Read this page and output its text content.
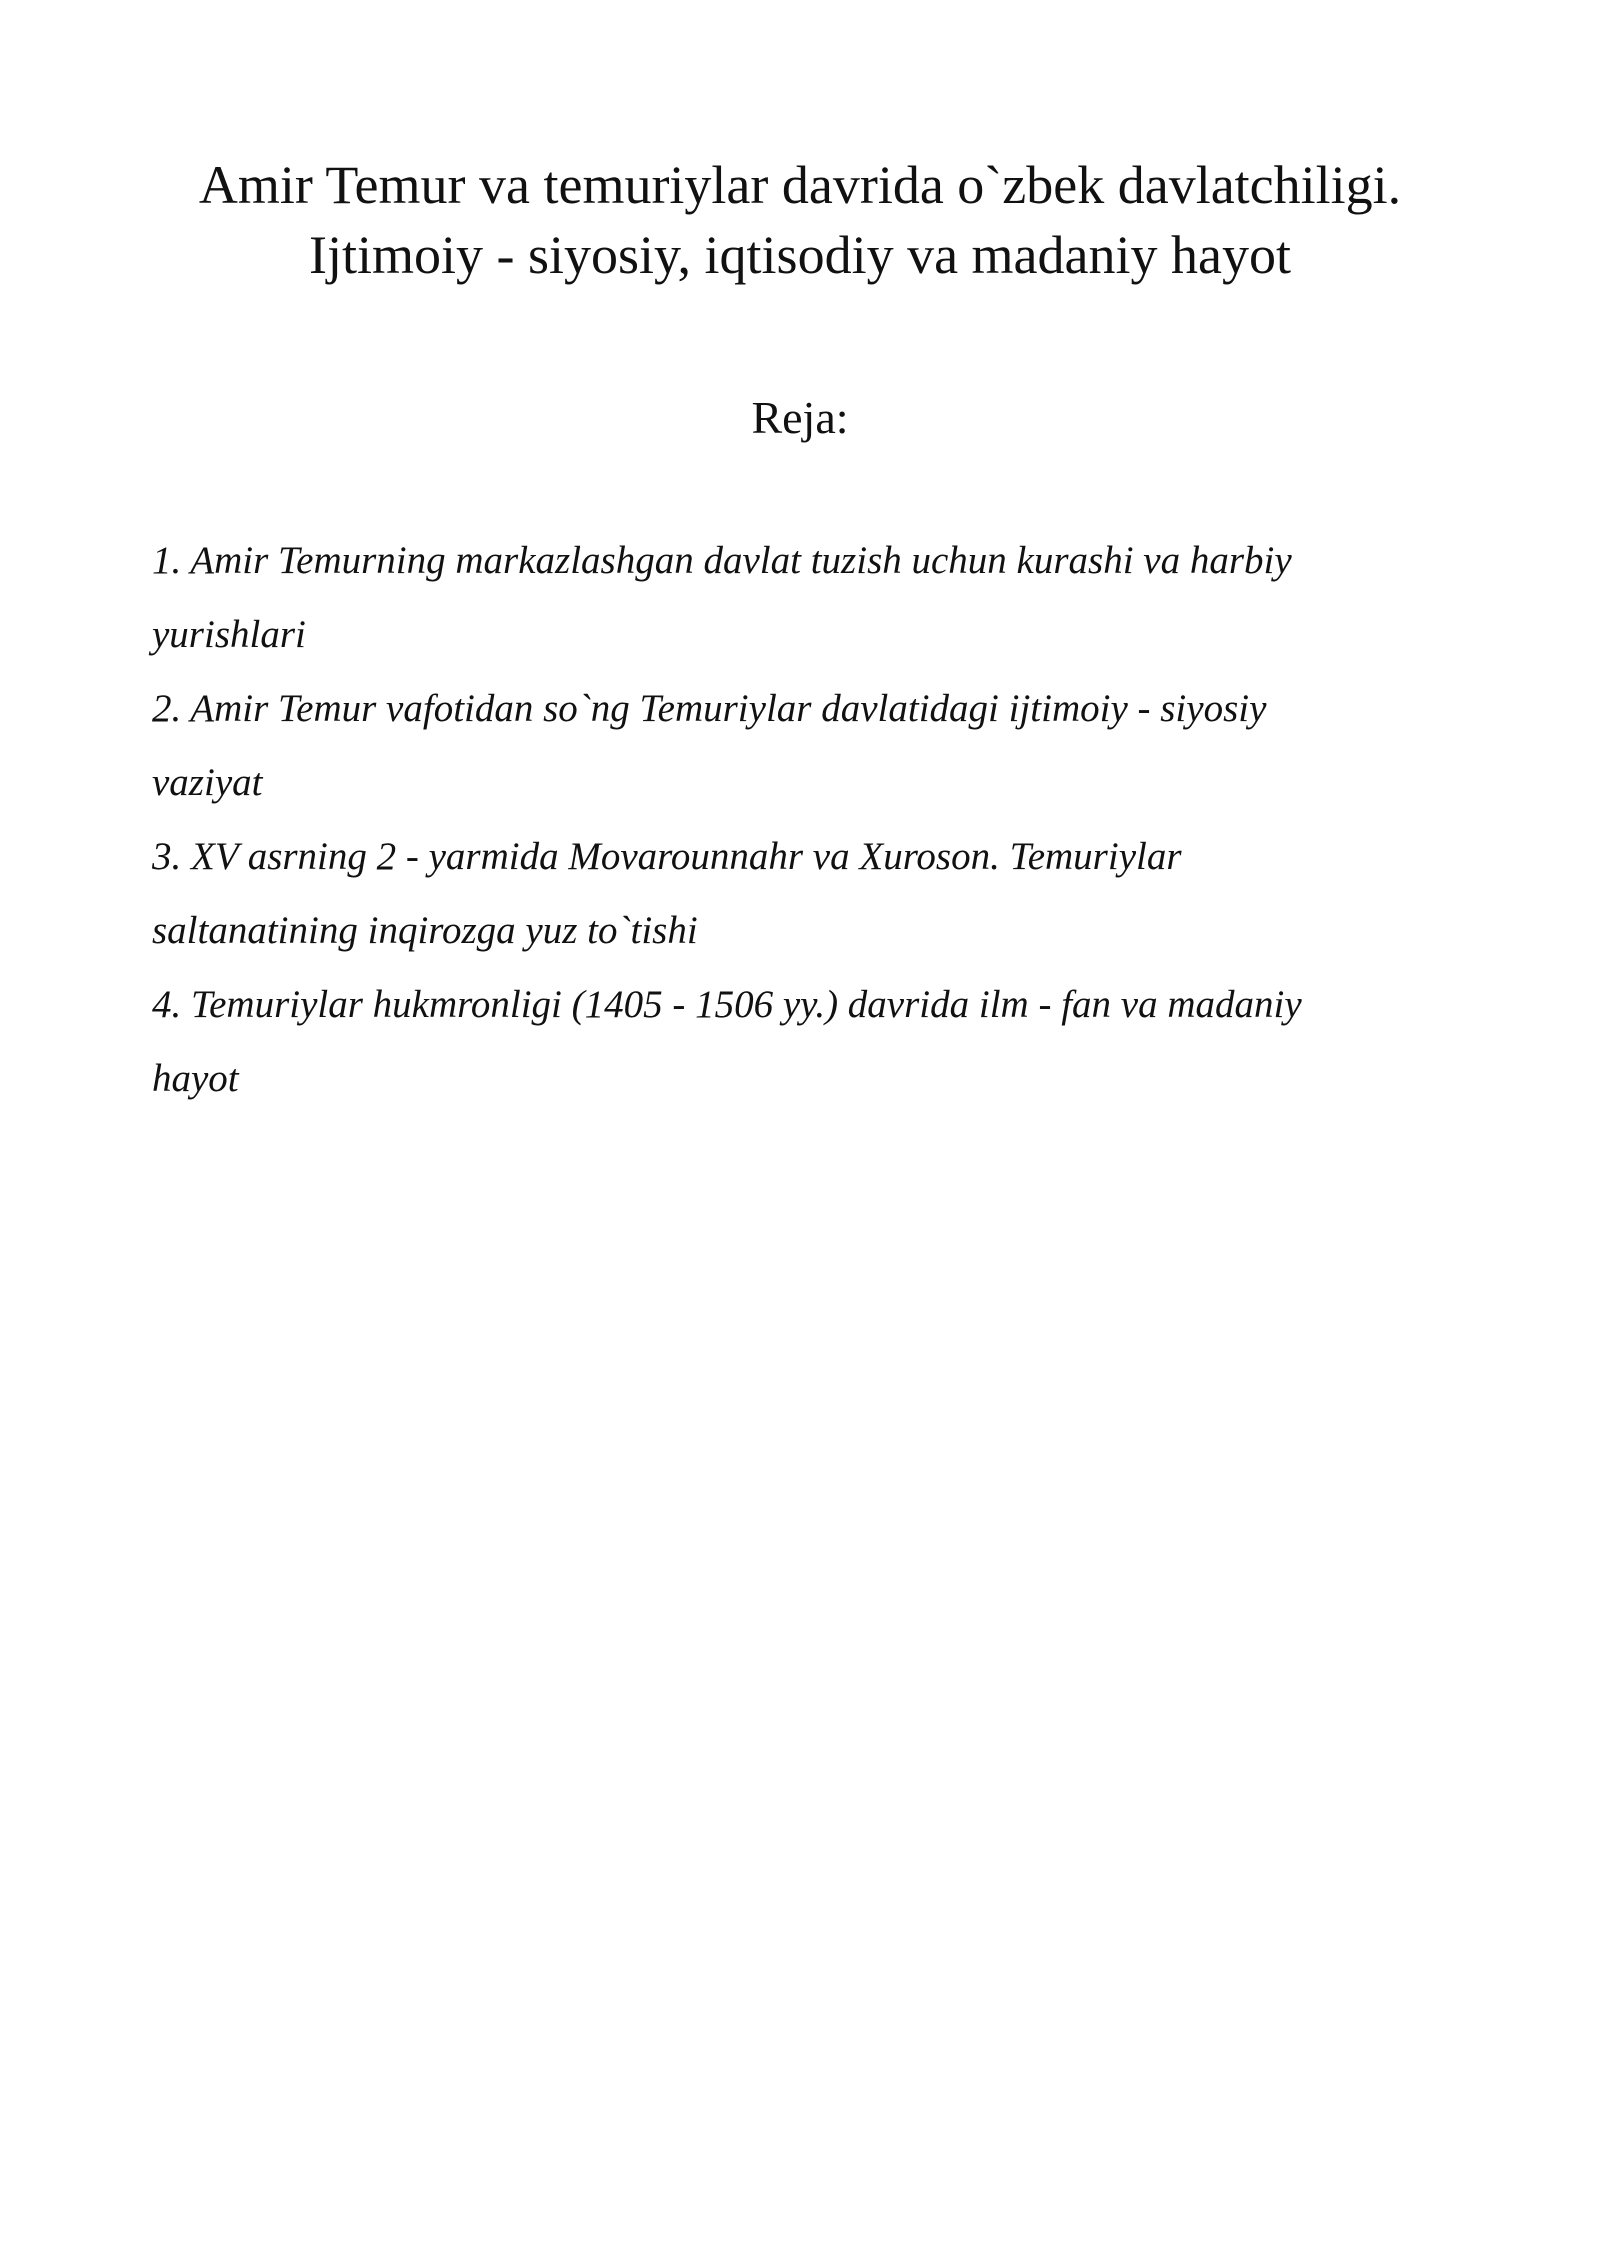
Amir Temur va temuriylar davrida o`zbek davlatchiligi.
Ijtimoiy - siyosiy, iqtisodiy va madaniy hayot
Reja:
1. Amir Temurning markazlashgan davlat tuzish uchun kurashi va harbiy
yurishlari
2. Amir Temur vafotidan so`ng Temuriylar davlatidagi ijtimoiy - siyosiy
vaziyat
3. XV asrning 2 - yarmida Movarounnahr va Xuroson. Temuriylar
saltanatining inqirozga yuz to`tishi
4. Temuriylar hukmronligi (1405 - 1506 yy.) davrida ilm - fan va madaniy
hayot
